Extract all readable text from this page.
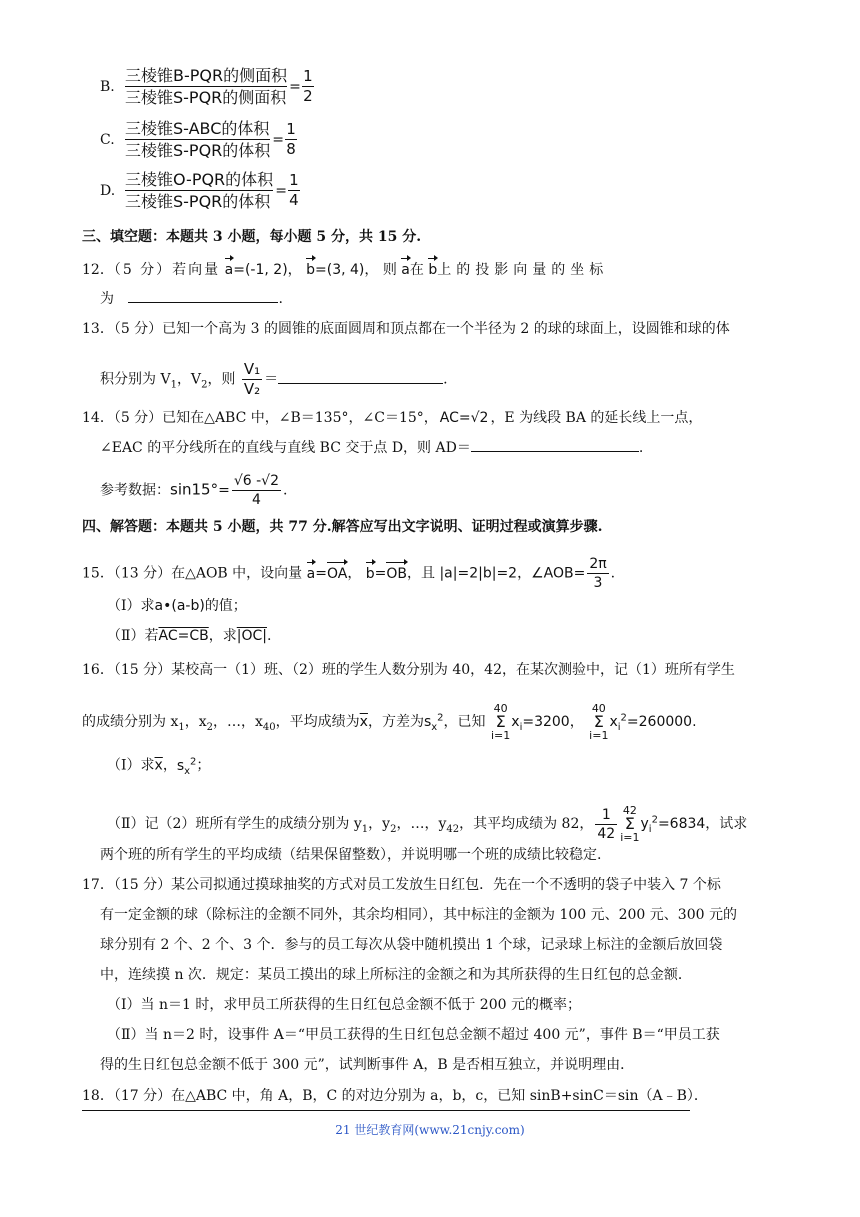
B.
三棱锥B-PQR的侧面积
三棱锥S-PQR的侧面积
=
1
2
C.
三棱锥S-ABC的体积
三棱锥S-PQR的体积
=
1
8
D.
三棱锥O-PQR的体积
三棱锥S-PQR的体积
=
1
4
三、填空题：本题共 3 小题，每小题 5 分，共 15 分.
12．（5 分）若向量 a=(-1, 2)， b=(3, 4)， 则 a在 b上的投影向量的坐标
为	.
13．（5 分）已知一个高为 3 的圆锥的底面圆周和顶点都在一个半径为 2 的球的球面上，设圆锥和球的体
积分别为 $V_1$，$V_2$，则 $\frac{\text{V₁}}{\text{V₂}}$ ＝	.
14．（5 分）已知在△ABC 中，∠B＝135°，∠C＝15°， AC=√2 ，E 为线段 BA 的延长线上一点，
∠EAC 的平分线所在的直线与直线 BC 交于点 D，则 AD＝	.
参考数据：$\sin 15^\circ= \frac{√6 -√2}{4}$ .
四、解答题：本题共 5 小题，共 77 分.解答应写出文字说明、证明过程或演算步骤.
15．（13 分）在△AOB 中，设向量 a=OA， b=OB，且 |a|=2|b|=2，∠AOB= $\frac{2\pi}{3}$ .
（Ⅰ）求a•(a-b)的值；
（Ⅱ）若AC=CB，求|OC|.
16．（15 分）某校高一（1）班、（2）班的学生人数分别为 40，42，在某次测验中，记（1）班所有学生
的成绩分别为 $x_1$，$x_2$，…，$x_{40}$，平均成绩为$\overline{x}$，方差为$s_x^2$，已知
40
Σ
i=1
$x_i=3200$，
40
Σ
i=1
$x_i^2=260000$.
（Ⅰ）求$\overline{x}$，$s_x^2$；
（Ⅱ）记（2）班所有学生的成绩分别为 $y_1$，$y_2$，…，$y_{42}$，其平均成绩为 82， $\frac{1}{42} 42$
Σ
i=1
$y_i^2=6834$，试求
两个班的所有学生的平均成绩（结果保留整数），并说明哪一个班的成绩比较稳定.
17．（15 分）某公司拟通过摸球抽奖的方式对员工发放生日红包．先在一个不透明的袋子中装入 7 个标
有一定金额的球（除标注的金额不同外，其余均相同），其中标注的金额为 100 元、200 元、300 元的
球分别有 2 个、2 个、3 个．参与的员工每次从袋中随机摸出 1 个球，记录球上标注的金额后放回袋
中，连续摸 n 次．规定：某员工摸出的球上所标注的金额之和为其所获得的生日红包的总金额．
（Ⅰ）当 n＝1 时，求甲员工所获得的生日红包总金额不低于 200 元的概率；
（Ⅱ）当 n＝2 时，设事件 A＝“甲员工获得的生日红包总金额不超过 400 元”，事件 B＝“甲员工获
得的生日红包总金额不低于 300 元”，试判断事件 A，B 是否相互独立，并说明理由．
18．（17 分）在△ABC 中，角 A，B，C 的对边分别为 a，b，c，已知 sinB+sinC＝sin（A﹣B）．
21 世纪教育网(www.21cnjy.com)
